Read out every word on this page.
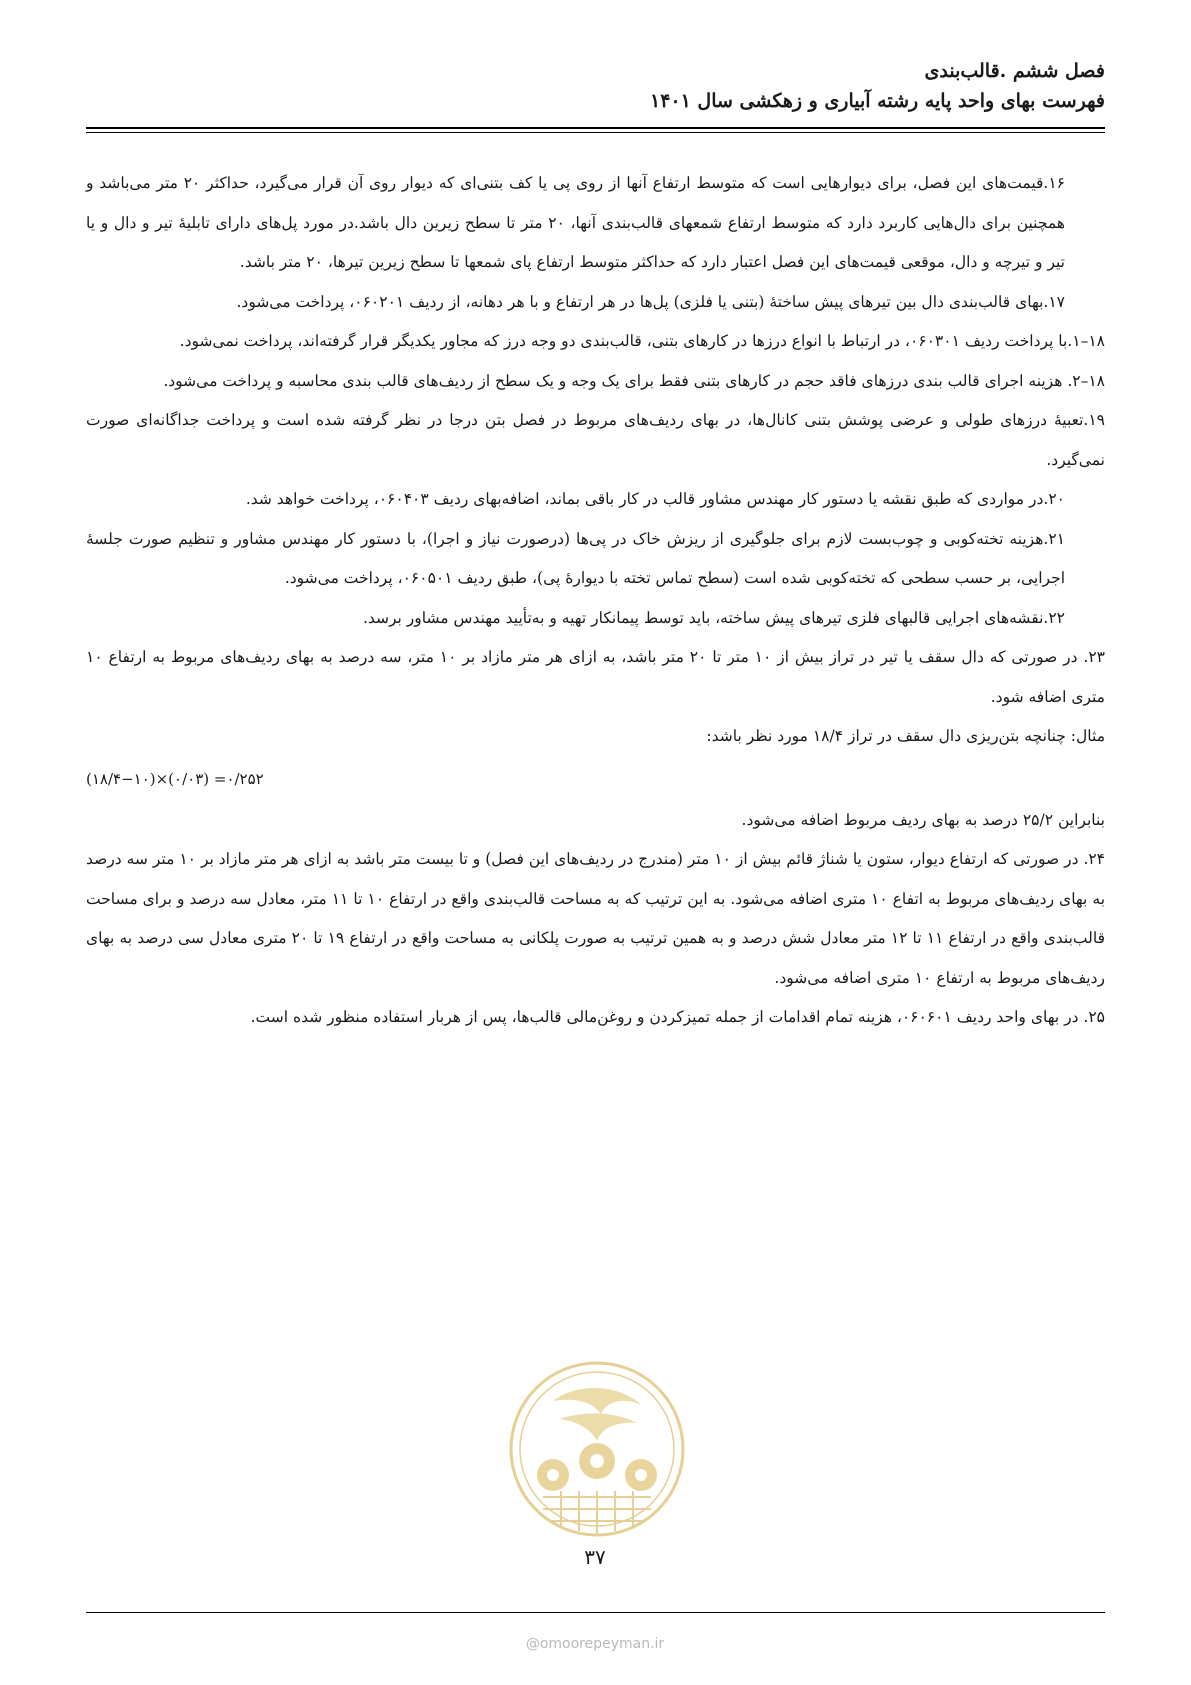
فصل ششم .قالب‌بندی
فهرست بهای واحد پایه رشته آبیاری و زهکشی سال ۱۴۰۱

۱۶.قیمت‌های این فصل، برای دیوارهایی است که متوسط ارتفاع آنها از روی پی یا کف بتنی‌ای که دیوار روی آن قرار می‌گیرد، حداکثر ۲۰ متر می‌باشد و همچنین برای دال‌هایی کاربرد دارد که متوسط ارتفاع شمعهای قالب‌بندی آنها، ۲۰ متر تا سطح زیرین دال باشد.در مورد پل‌های دارای تابلیهٔ تیر و دال و یا تیر و تیرچه و دال، موقعی قیمت‌های این فصل اعتبار دارد که حداکثر متوسط ارتفاع پای شمعها تا سطح زیرین تیرها، ۲۰ متر باشد.

۱۷.بهای قالب‌بندی دال بین تیرهای پیش ساختهٔ (بتنی یا فلزی) پل‌ها در هر ارتفاع و با هر دهانه، از ردیف ۰۶۰۲۰۱، پرداخت می‌شود.

۱۸–۱.با پرداخت ردیف ۰۶۰۳۰۱، در ارتباط با انواع درزها در کارهای بتنی، قالب‌بندی دو وجه درز که مجاور یکدیگر قرار گرفته‌اند، پرداخت نمی‌شود.

۱۸–۲. هزینه اجرای قالب بندی درزهای فاقد حجم در کارهای بتنی فقط برای یک وجه و یک سطح از ردیف‌های قالب بندی محاسبه و پرداخت می‌شود.

۱۹.تعبیهٔ درزهای طولی و عرضی پوشش بتنی کانال‌ها، در بهای ردیف‌های مربوط در فصل بتن درجا در نظر گرفته شده است و پرداخت جداگانه‌ای صورت نمی‌گیرد.

۲۰.در مواردی که طبق نقشه یا دستور کار مهندس مشاور قالب در کار باقی بماند، اضافه‌بهای ردیف ۰۶۰۴۰۳، پرداخت خواهد شد.

۲۱.هزینه تخته‌کوبی و چوب‌بست لازم برای جلوگیری از ریزش خاک در پی‌ها (درصورت نیاز و اجرا)، با دستور کار مهندس مشاور و تنظیم صورت جلسهٔ اجرایی، بر حسب سطحی که تخته‌کوبی شده است (سطح تماس تخته با دیوارهٔ پی)، طبق ردیف ۰۶۰۵۰۱، پرداخت می‌شود.

۲۲.نقشه‌های اجرایی قالبهای فلزی تیرهای پیش ساخته، باید توسط پیمانکار تهیه و به‌تأیید مهندس مشاور برسد.

۲۳. در صورتی که دال سقف یا تیر در تراز بیش از ۱۰ متر تا ۲۰ متر باشد، به ازای هر متر مازاد بر ۱۰ متر، سه درصد به بهای ردیف‌های مربوط به ارتفاع ۱۰ متری اضافه شود.

مثال: چنانچه بتن‌ریزی دال سقف در تراز ۱۸/۴ مورد نظر باشد:

(۱۸/۴−۱۰)×(۰/۰۳) =۰/۲۵۲

بنابراین ۲۵/۲ درصد به بهای ردیف مربوط اضافه می‌شود.

۲۴. در صورتی که ارتفاع دیوار، ستون یا شناژ قائم بیش از ۱۰ متر (مندرج در ردیف‌های این فصل) و تا بیست متر باشد به ازای هر متر مازاد بر ۱۰ متر سه درصد به بهای ردیف‌های مربوط به اتفاع ۱۰ متری اضافه می‌شود. به این ترتیب که به مساحت قالب‌بندی واقع در ارتفاع ۱۰ تا ۱۱ متر، معادل سه درصد و برای مساحت قالب‌بندی واقع در ارتفاع ۱۱ تا ۱۲ متر معادل شش درصد و به همین ترتیب به صورت پلکانی به مساحت واقع در ارتفاع ۱۹ تا ۲۰ متری معادل سی درصد به بهای ردیف‌های مربوط به ارتفاع ۱۰ متری اضافه می‌شود.

۲۵. در بهای واحد ردیف ۰۶۰۶۰۱، هزینه تمام اقدامات از جمله تمیزکردن و روغن‌مالی قالب‌ها، پس از هربار استفاده منظور شده است.

۳۷
@omoorepeyman.ir
